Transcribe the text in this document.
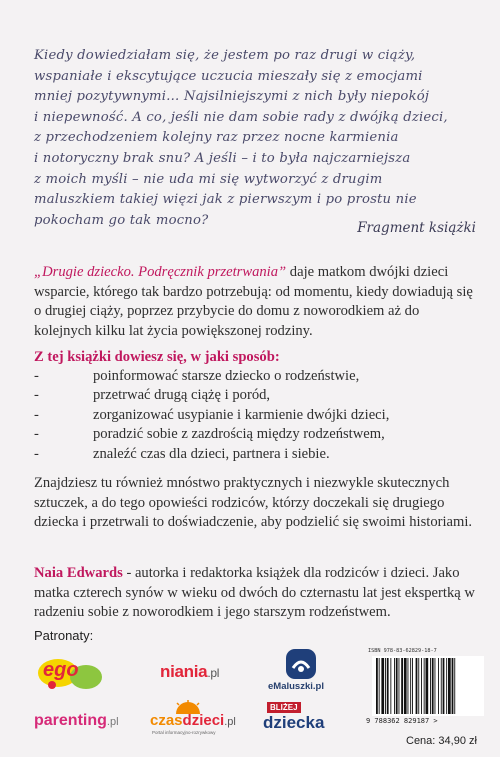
Kiedy dowiedziałam się, że jestem po raz drugi w ciąży,
wspaniałe i ekscytujące uczucia mieszały się z emocjami
mniej pozytywnymi… Najsilniejszymi z nich były niepokój
i niepewność. A co, jeśli nie dam sobie rady z dwójką dzieci,
z przechodzeniem kolejny raz przez nocne karmienia
i notoryczny brak snu? A jeśli – i to była najczarniejsza
z moich myśli – nie uda mi się wytworzyć z drugim
maluszkiem takiej więzi jak z pierwszym i po prostu nie
pokocham go tak mocno?	Fragment książki

„Drugie dziecko. Podręcznik przetrwania” daje matkom dwójki dzieci wsparcie, którego tak bardzo potrzebują: od momentu, kiedy dowiadują się o drugiej ciąży, poprzez przybycie do domu z noworodkiem aż do kolejnych kilku lat życia powiększonej rodziny.

Z tej książki dowiesz się, w jaki sposób:

-	poinformować starsze dziecko o rodzeństwie,
-	przetrwać drugą ciążę i poród,
-	zorganizować usypianie i karmienie dwójki dzieci,
-	poradzić sobie z zazdrością między rodzeństwem,
-	znaleźć czas dla dzieci, partnera i siebie.

Znajdziesz tu również mnóstwo praktycznych i niezwykle skutecznych sztuczek, a do tego opowieści rodziców, którzy doczekali się drugiego dziecka i przetrwali to doświadczenie, aby podzielić się swoimi historiami.

Naia Edwards - autorka i redaktorka książek dla rodziców i dzieci. Jako matka czterech synów w wieku od dwóch do czternastu lat jest ekspertką w radzeniu sobie z noworodkiem i jego starszym rodzeństwem.

Patronaty:
ego	niania.pl
eMaluszki.pl
parenting.pl czasdzieci.pl
Portal informacyjno-rozrywkowy
BLIŻEJ
dziecka
ISBN 978-83-62829-18-7
9 788362 829187 >
Cena: 34,90 zł
